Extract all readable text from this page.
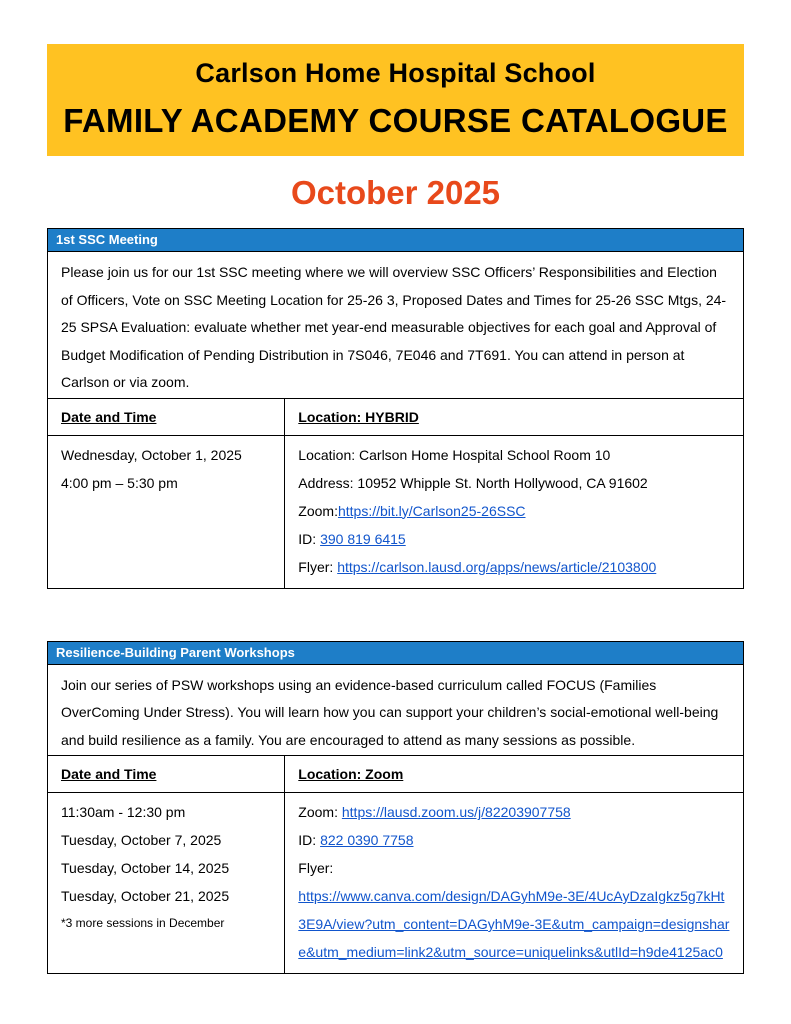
Carlson Home Hospital School
FAMILY ACADEMY COURSE CATALOGUE
October 2025
1st SSC Meeting
Please join us for our 1st SSC meeting where we will overview SSC Officers’ Responsibilities and Election of Officers, Vote on SSC Meeting Location for 25-26 3, Proposed Dates and Times for 25-26 SSC Mtgs, 24-25 SPSA Evaluation: evaluate whether met year-end measurable objectives for each goal and Approval of Budget Modification of Pending Distribution in 7S046, 7E046 and 7T691. You can attend in person at Carlson or via zoom.
Date and Time	Location: HYBRID

Wednesday, October 1, 2025

4:00 pm – 5:30 pm

Location: Carlson Home Hospital School Room 10

Address: 10952 Whipple St. North Hollywood, CA 91602

Zoom:https://bit.ly/Carlson25-26SSC

ID: 390 819 6415

Flyer: https://carlson.lausd.org/apps/news/article/2103800

Resilience-Building Parent Workshops
Join our series of PSW workshops using an evidence-based curriculum called FOCUS (Families OverComing Under Stress). You will learn how you can support your children’s social-emotional well-being and build resilience as a family. You are encouraged to attend as many sessions as possible.
Date and Time	Location: Zoom

11:30am - 12:30 pm

Tuesday, October 7, 2025

Tuesday, October 14, 2025

Tuesday, October 21, 2025

*3 more sessions in December

Zoom: https://lausd.zoom.us/j/82203907758

ID: 822 0390 7758

Flyer:

https://www.canva.com/design/DAGyhM9e-3E/4UcAyDzaIgkz5g7kHt3E9A/view?utm_content=DAGyhM9e-3E&utm_campaign=designshare&utm_medium=link2&utm_source=uniquelinks&utlId=h9de4125ac0
